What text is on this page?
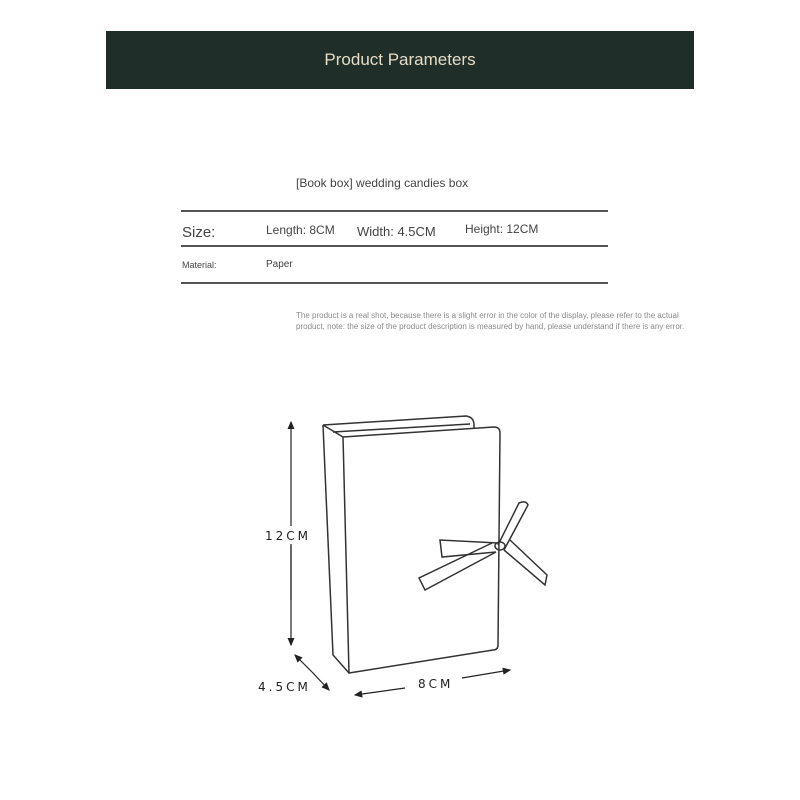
Product Parameters
[Book box] wedding candies box
Size:	Length: 8CM Width: 4.5CM Height: 12CM
Material:	Paper
The product is a real shot, because there is a slight error in the color of the display, please refer to the actual product, note: the size of the product description is measured by hand, please understand if there is any error.
12CM
4.5CM	8CM
